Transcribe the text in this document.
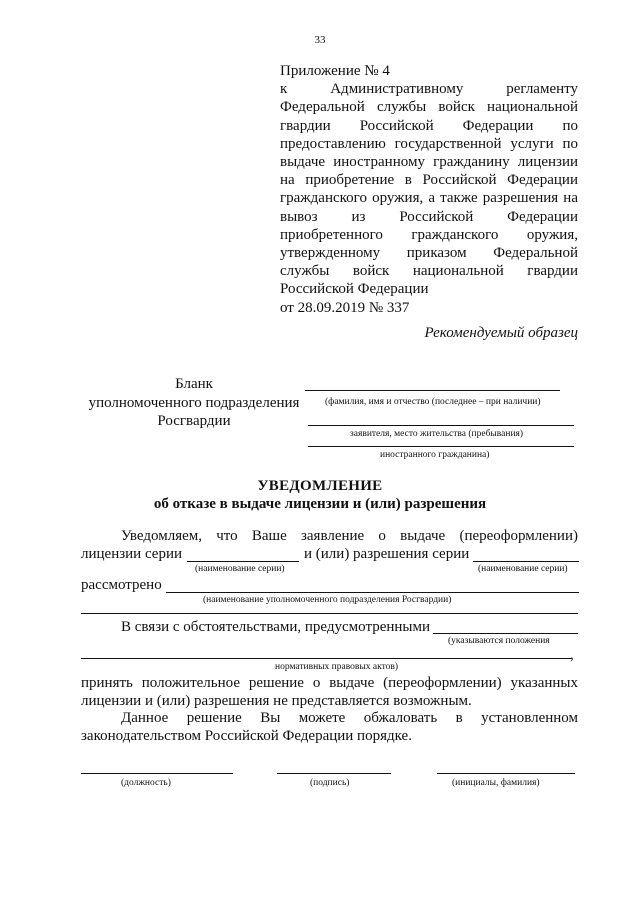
33
Приложение № 4
к Административному регламенту
Федеральной службы войск национальной
гвардии Российской Федерации по
предоставлению государственной услуги по
выдаче иностранному гражданину лицензии
на приобретение в Российской Федерации
гражданского оружия, а также разрешения на
вывоз из Российской Федерации
приобретенного гражданского оружия,
утвержденному приказом Федеральной
службы войск национальной гвардии
Российской Федерации
от 28.09.2019 № 337
Рекомендуемый образец
Бланк
уполномоченного подразделения
Росгвардии
(фамилия, имя и отчество (последнее – при наличии)
заявителя, место жительства (пребывания)
иностранного гражданина)
УВЕДОМЛЕНИЕ
об отказе в выдаче лицензии и (или) разрешения
Уведомляем, что Ваше заявление о выдаче (переоформлении)
лицензии серии	и (или) разрешения серии
(наименование серии)	(наименование серии)
рассмотрено
(наименование уполномоченного подразделения Росгвардии)
В связи с обстоятельствами, предусмотренными
(указываются положения
,
нормативных правовых актов)
принять положительное решение о выдаче (переоформлении) указанных
лицензии и (или) разрешения не представляется возможным.
Данное решение Вы можете обжаловать в установленном
законодательством Российской Федерации порядке.
(должность)	(подпись)	(инициалы, фамилия)
